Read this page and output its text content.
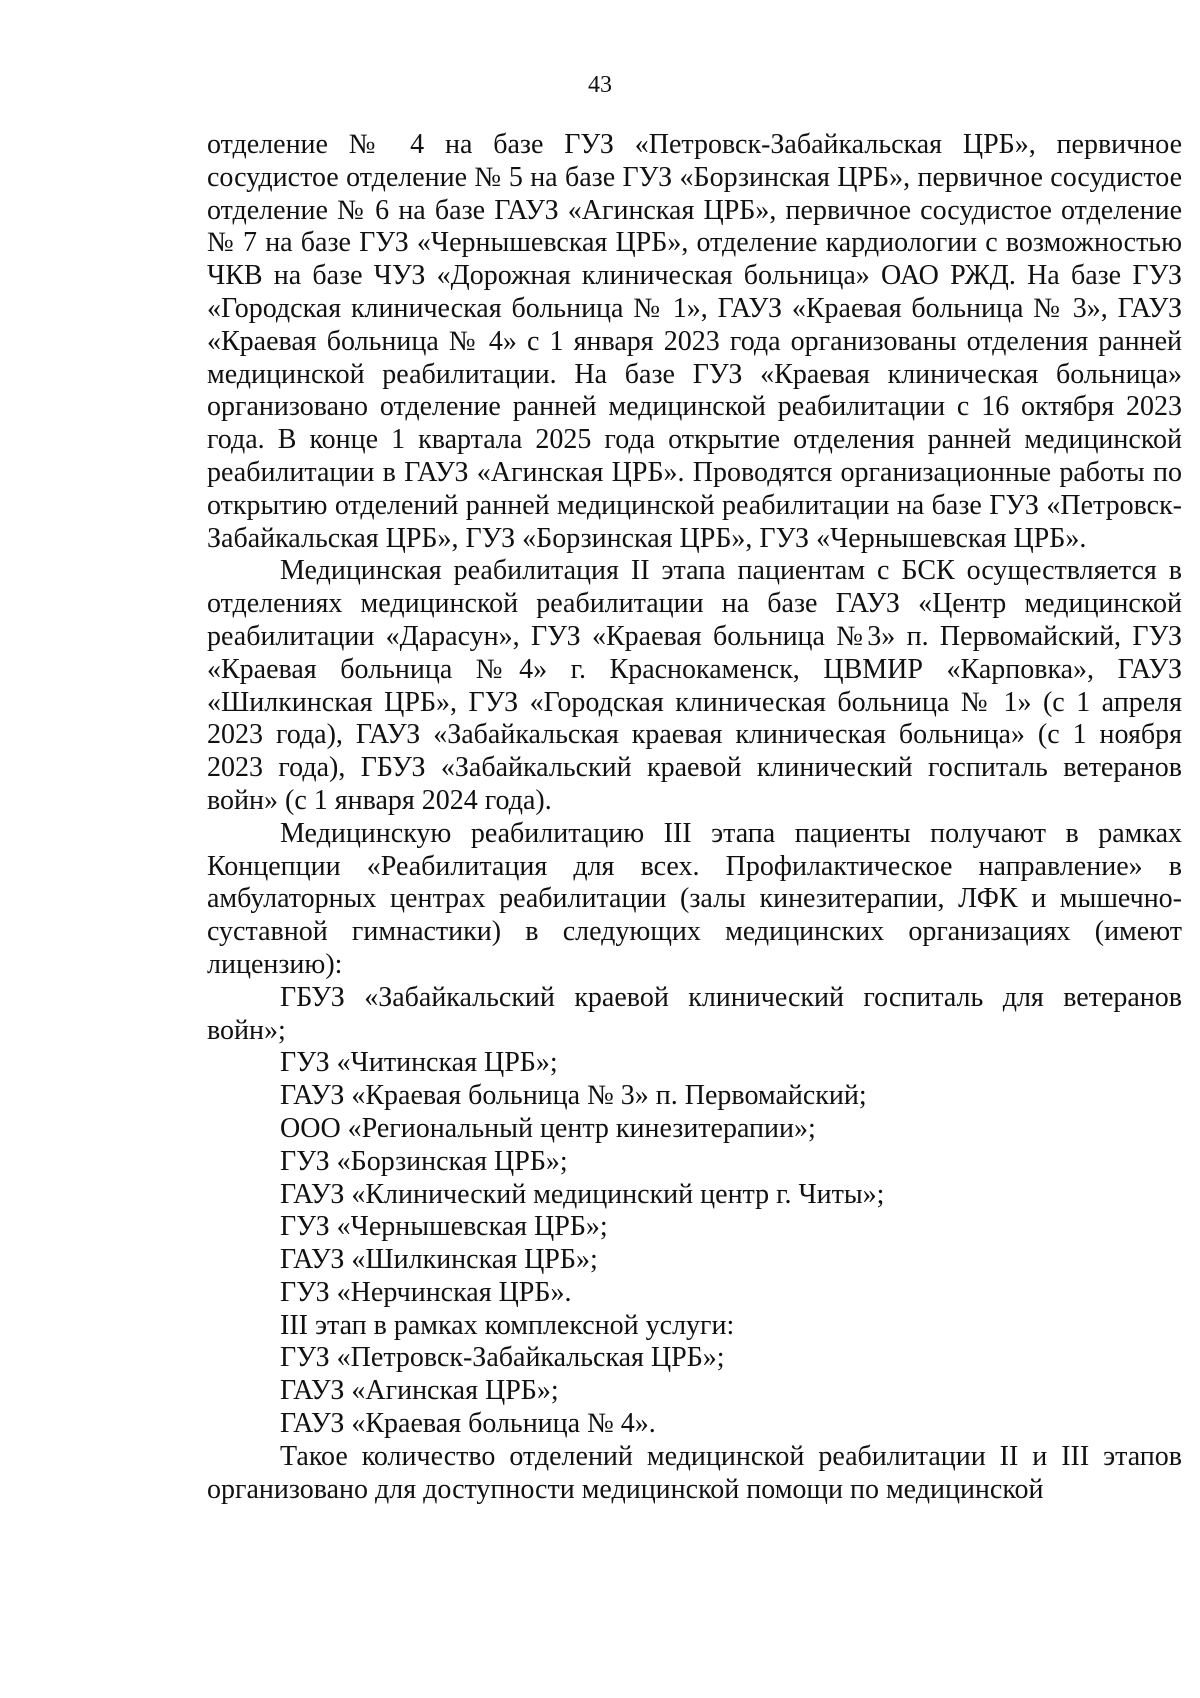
43

отделение № 4 на базе ГУЗ «Петровск-Забайкальская ЦРБ», первичное сосудистое отделение № 5 на базе ГУЗ «Борзинская ЦРБ», первичное сосудистое отделение № 6 на базе ГАУЗ «Агинская ЦРБ», первичное сосудистое отделение № 7 на базе ГУЗ «Чернышевская ЦРБ», отделение кардиологии с возможностью ЧКВ на базе ЧУЗ «Дорожная клиническая больница» ОАО РЖД. На базе ГУЗ «Городская клиническая больница № 1», ГАУЗ «Краевая больница № 3», ГАУЗ «Краевая больница № 4» с 1 января 2023 года организованы отделения ранней медицинской реабилитации. На базе ГУЗ «Краевая клиническая больница» организовано отделение ранней медицинской реабилитации с 16 октября 2023 года. В конце 1 квартала 2025 года открытие отделения ранней медицинской реабилитации в ГАУЗ «Агинская ЦРБ». Проводятся организационные работы по открытию отделений ранней медицинской реабилитации на базе ГУЗ «Петровск-Забайкальская ЦРБ», ГУЗ «Борзинская ЦРБ», ГУЗ «Чернышевская ЦРБ».

Медицинская реабилитация II этапа пациентам с БСК осуществляется в отделениях медицинской реабилитации на базе ГАУЗ «Центр медицинской реабилитации «Дарасун», ГУЗ «Краевая больница №3» п. Первомайский, ГУЗ «Краевая больница №4» г. Краснокаменск, ЦВМИР «Карповка», ГАУЗ «Шилкинская ЦРБ», ГУЗ «Городская клиническая больница № 1» (с 1 апреля 2023 года), ГАУЗ «Забайкальская краевая клиническая больница» (с 1 ноября 2023 года), ГБУЗ «Забайкальский краевой клинический госпиталь ветеранов войн» (с 1 января 2024 года).

Медицинскую реабилитацию III этапа пациенты получают в рамках Концепции «Реабилитация для всех. Профилактическое направление» в амбулаторных центрах реабилитации (залы кинезитерапии, ЛФК и мышечно-суставной гимнастики) в следующих медицинских организациях (имеют лицензию):

ГБУЗ «Забайкальский краевой клинический госпиталь для ветеранов войн»;

ГУЗ «Читинская ЦРБ»;

ГАУЗ «Краевая больница № 3» п. Первомайский;

ООО «Региональный центр кинезитерапии»;

ГУЗ «Борзинская ЦРБ»;

ГАУЗ «Клинический медицинский центр г. Читы»;

ГУЗ «Чернышевская ЦРБ»;

ГАУЗ «Шилкинская ЦРБ»;

ГУЗ «Нерчинская ЦРБ».

III этап в рамках комплексной услуги:

ГУЗ «Петровск-Забайкальская ЦРБ»;

ГАУЗ «Агинская ЦРБ»;

ГАУЗ «Краевая больница № 4».

Такое количество отделений медицинской реабилитации II и III этапов организовано для доступности медицинской помощи по медицинской
